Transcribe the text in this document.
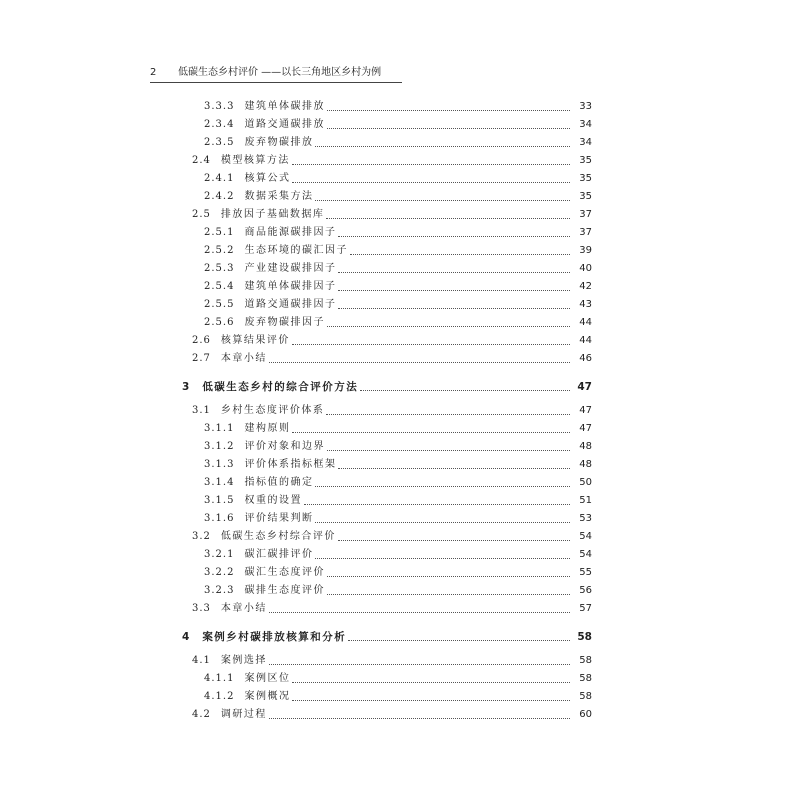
2 低碳生态乡村评价 ——以长三角地区乡村为例
3.3.3 建筑单体碳排放	33
2.3.4 道路交通碳排放	34
2.3.5 废弃物碳排放	34
2.4 模型核算方法	35
2.4.1 核算公式	35
2.4.2 数据采集方法	35
2.5 排放因子基础数据库	37
2.5.1 商品能源碳排因子	37
2.5.2 生态环境的碳汇因子	39
2.5.3 产业建设碳排因子	40
2.5.4 建筑单体碳排因子	42
2.5.5 道路交通碳排因子	43
2.5.6 废弃物碳排因子	44
2.6 核算结果评价	44
2.7 本章小结	46
3 低碳生态乡村的综合评价方法	47
3.1 乡村生态度评价体系	47
3.1.1 建构原则	47
3.1.2 评价对象和边界	48
3.1.3 评价体系指标框架	48
3.1.4 指标值的确定	50
3.1.5 权重的设置	51
3.1.6 评价结果判断	53
3.2 低碳生态乡村综合评价	54
3.2.1 碳汇碳排评价	54
3.2.2 碳汇生态度评价	55
3.2.3 碳排生态度评价	56
3.3 本章小结	57
4 案例乡村碳排放核算和分析	58
4.1 案例选择	58
4.1.1 案例区位	58
4.1.2 案例概况	58
4.2 调研过程	60
